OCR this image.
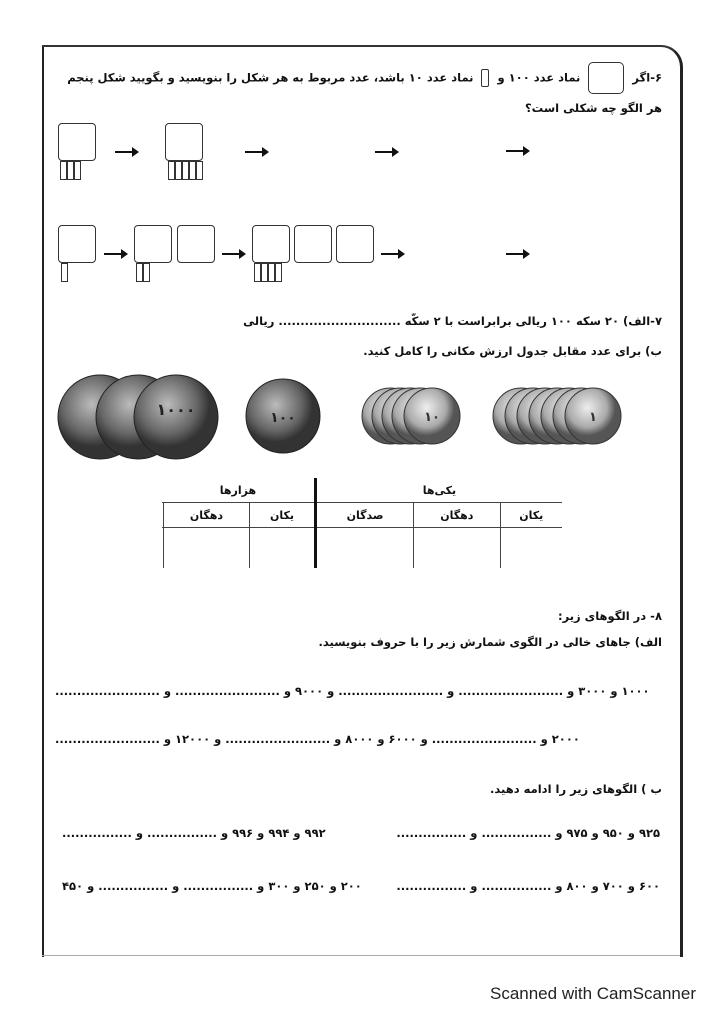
۶-اگر  نماد عدد ۱۰۰ و  نماد عدد ۱۰ باشد، عدد مربوط به هر شکل را بنویسید و بگویید شکل پنجم هر الگو چه شکلی است؟
۷-الف) ۲۰ سکه ۱۰۰ ریالی برابراست با ۲ سکّه ............................ ریالی
ب) برای عدد مقابل جدول ارزش مکانی را کامل کنید.
۱۰۰۰	۱۰۰	۱۰	۱
یکی‌ها			هزارها		
یکان	دهگان	صدگان	یکان	دهگان	

۸- در الگوهای زیر:
الف) جاهای خالی در الگوی شمارش زیر را با حروف بنویسید.
۱۰۰۰ و ۳۰۰۰ و ........................ و ........................ و ۹۰۰۰ و ........................ و ........................
۲۰۰۰ و ........................ و ۶۰۰۰ و ۸۰۰۰ و ........................ و ۱۲۰۰۰ و ........................
ب ) الگوهای زیر را ادامه دهید.
۹۲۵ و ۹۵۰ و ۹۷۵ و ................ و ................
۹۹۲ و ۹۹۴ و ۹۹۶ و ................ و ................
۶۰۰ و ۷۰۰ و ۸۰۰ و ................ و ................
۲۰۰ و ۲۵۰ و ۳۰۰ و ................ و ................ و ۴۵۰
Scanned with CamScanner
